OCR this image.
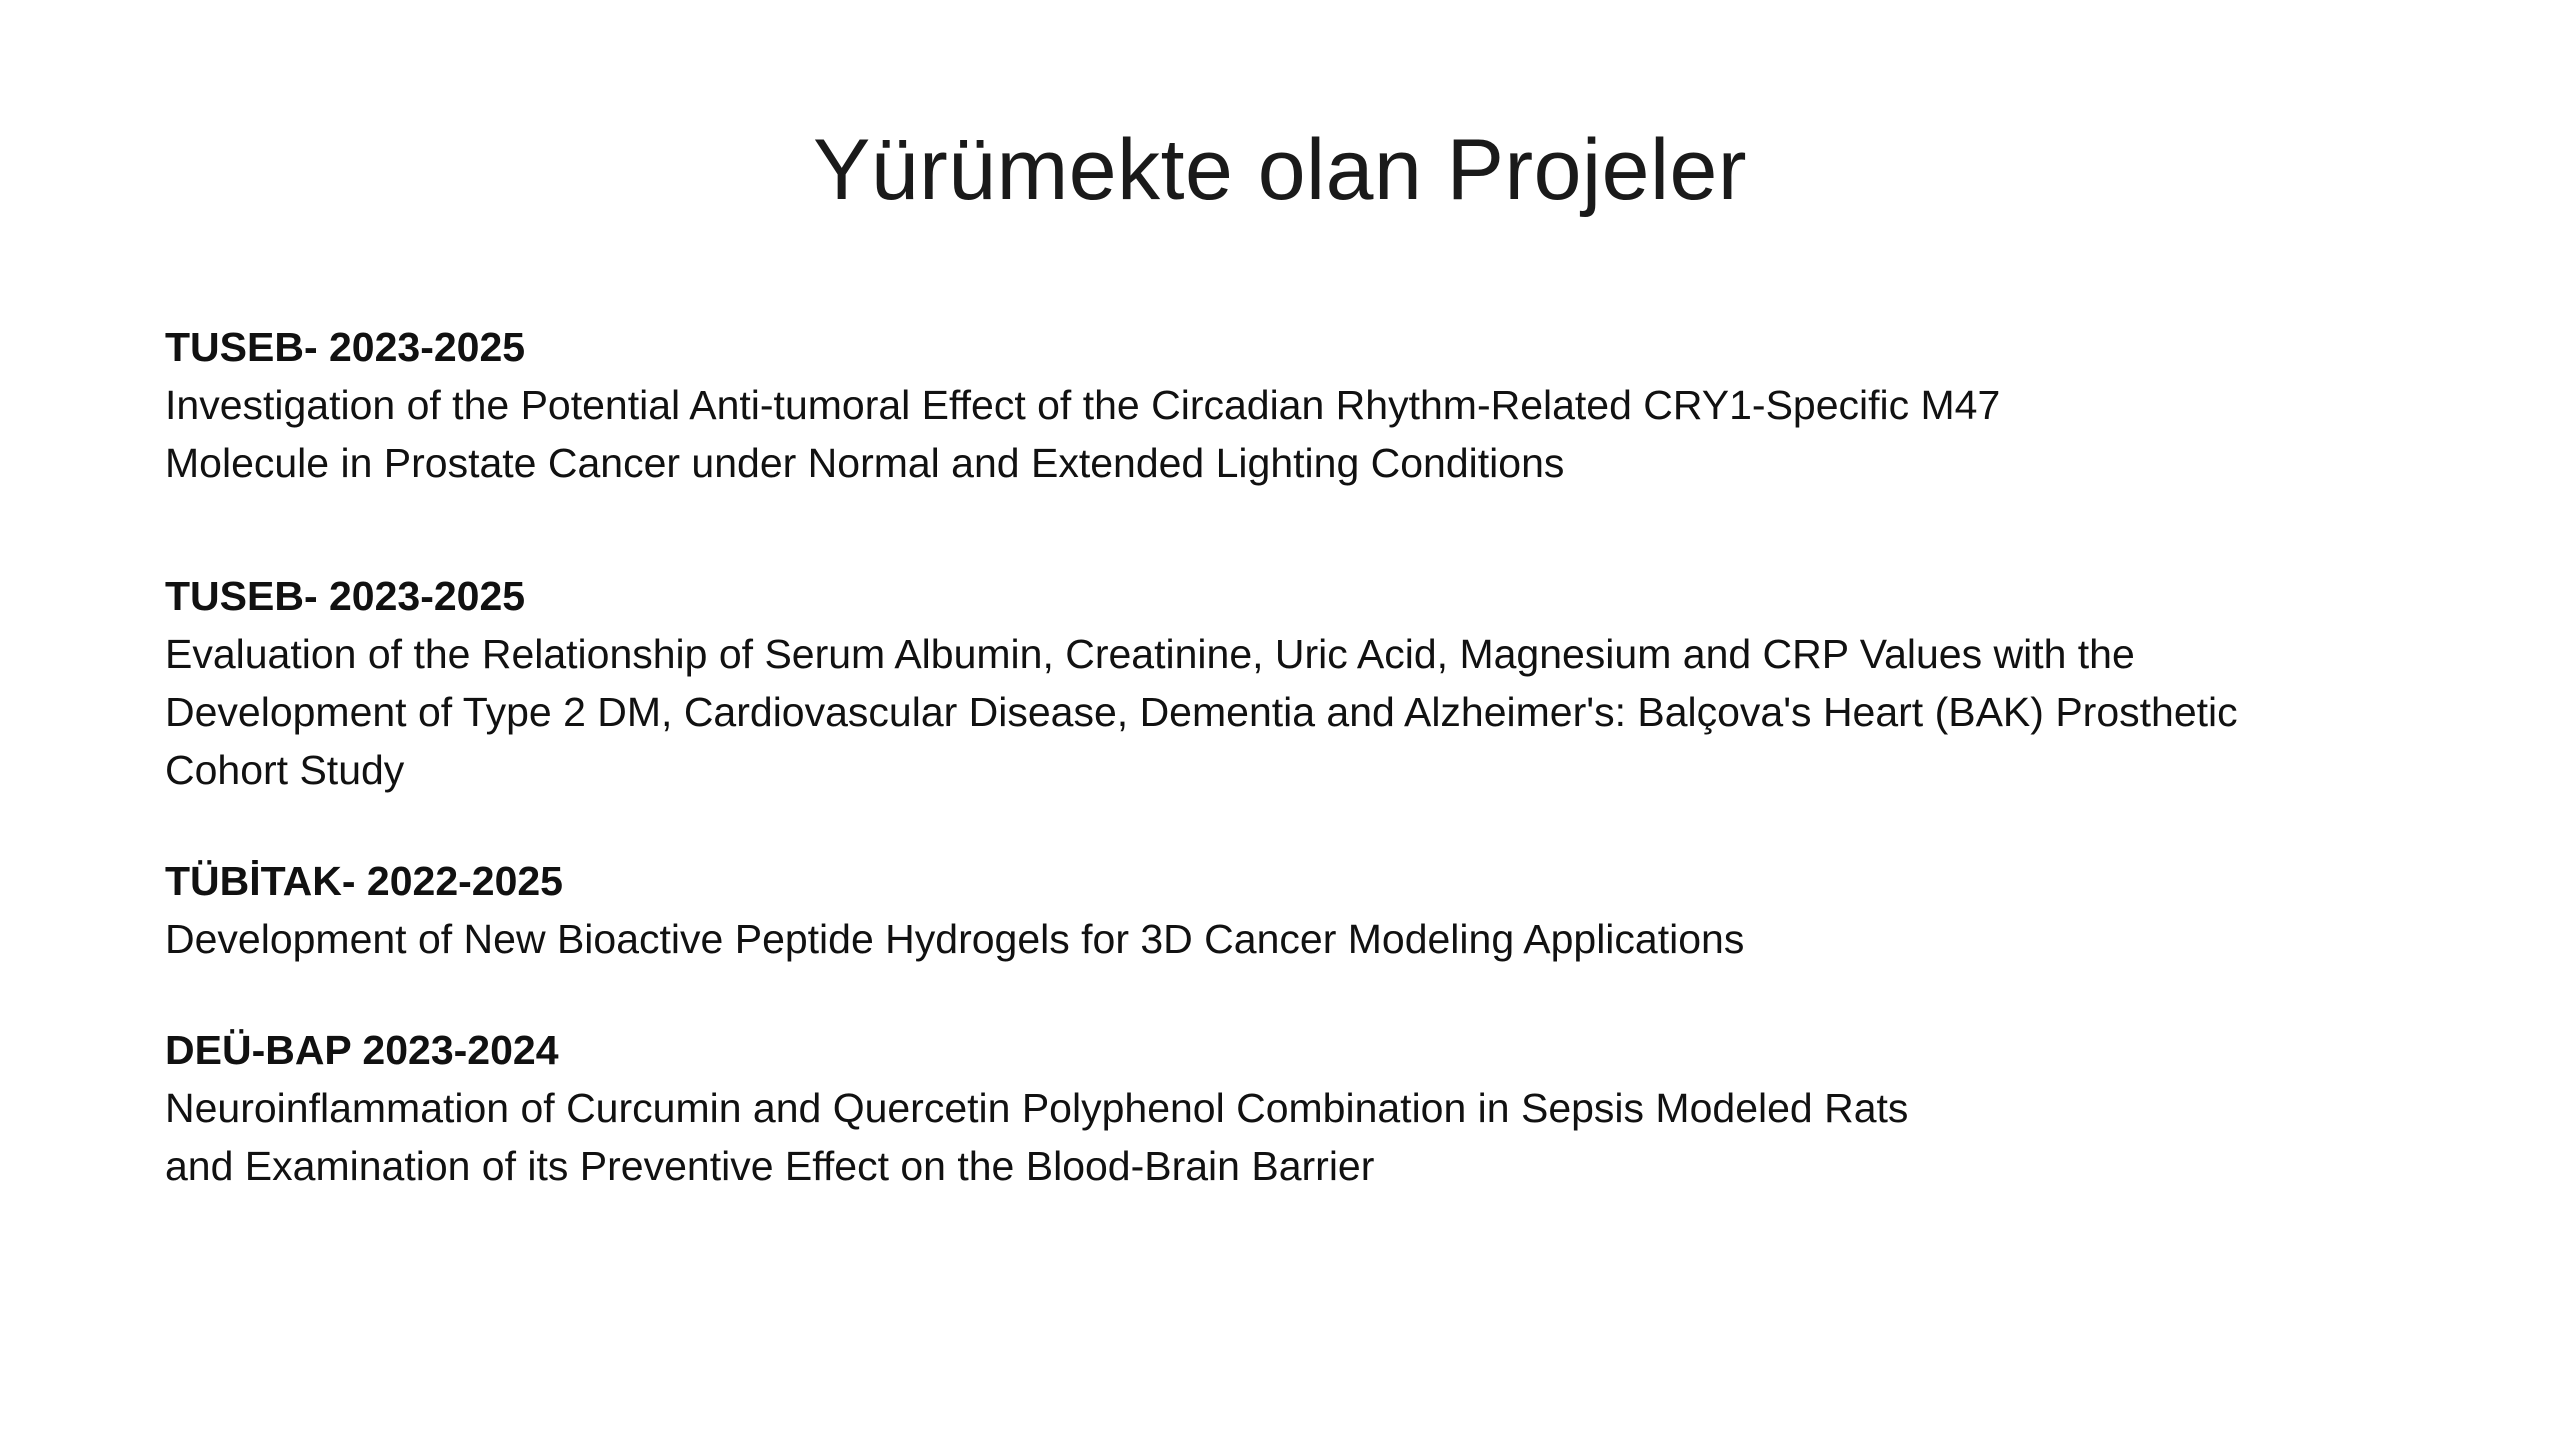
Yürümekte olan Projeler
TUSEB- 2023-2025
Investigation of the Potential Anti-tumoral Effect of the Circadian Rhythm-Related CRY1-Specific M47
Molecule in Prostate Cancer under Normal and Extended Lighting Conditions
TUSEB- 2023-2025
Evaluation of the Relationship of Serum Albumin, Creatinine, Uric Acid, Magnesium and CRP Values with the
Development of Type 2 DM, Cardiovascular Disease, Dementia and Alzheimer's: Balçova's Heart (BAK) Prosthetic
Cohort Study
TÜBİTAK- 2022-2025
Development of New Bioactive Peptide Hydrogels for 3D Cancer Modeling Applications
DEÜ-BAP 2023-2024
Neuroinflammation of Curcumin and Quercetin Polyphenol Combination in Sepsis Modeled Rats
and Examination of its Preventive Effect on the Blood-Brain Barrier
